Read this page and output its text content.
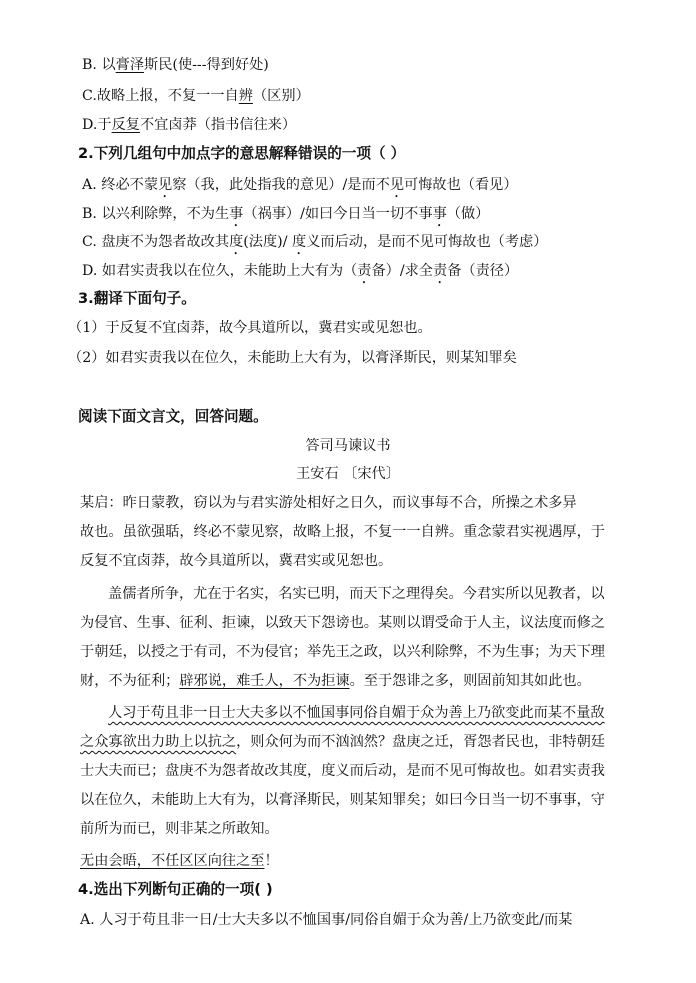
B. 以膏泽斯民(使---得到好处)
C.故略上报，不复一一自辨（区别）
D.于反复不宜卤莽（指书信往来）
2.下列几组句中加点字的意思解释错误的一项（ ）
A. 终必不蒙见察（我，此处指我的意见）/是而不见可悔故也（看见）
B. 以兴利除弊，不为生事（祸事）/如曰今日当一切不事事（做）
C. 盘庚不为怨者故改其度(法度)/ 度义而后动，是而不见可悔故也（考虑）
D. 如君实责我以在位久，未能助上大有为（责备）/求全责备（责径）
3.翻译下面句子。
（1）于反复不宜卤莽，故今具道所以，冀君实或见恕也。
（2）如君实责我以在位久，未能助上大有为，以膏泽斯民，则某知罪矣
阅读下面文言文，回答问题。
答司马谏议书
王安石 〔宋代〕
某启：昨日蒙教，窃以为与君实游处相好之日久，而议事每不合，所操之术多异
故也。虽欲强聒，终必不蒙见察，故略上报，不复一一自辨。重念蒙君实视遇厚，于
反复不宜卤莽，故今具道所以，冀君实或见恕也。
盖儒者所争，尤在于名实，名实已明，而天下之理得矣。今君实所以见教者，以
为侵官、生事、征利、拒谏，以致天下怨谤也。某则以谓受命于人主，议法度而修之
于朝廷，以授之于有司，不为侵官；举先王之政，以兴利除弊，不为生事；为天下理
财，不为征利；辟邪说，难壬人，不为拒谏。至于怨诽之多，则固前知其如此也。
人习于苟且非一日士大夫多以不恤国事同俗自媚于众为善上乃欲变此而某不量敌
之众寡欲出力助上以抗之，则众何为而不汹汹然？盘庚之迁，胥怨者民也，非特朝廷
士大夫而已；盘庚不为怨者故改其度，度义而后动，是而不见可悔故也。如君实责我
以在位久，未能助上大有为，以膏泽斯民，则某知罪矣；如曰今日当一切不事事，守
前所为而已，则非某之所敢知。
无由会晤，不任区区向往之至！
4.选出下列断句正确的一项( )
A. 人习于苟且非一日/士大夫多以不恤国事/同俗自媚于众为善/上乃欲变此/而某
